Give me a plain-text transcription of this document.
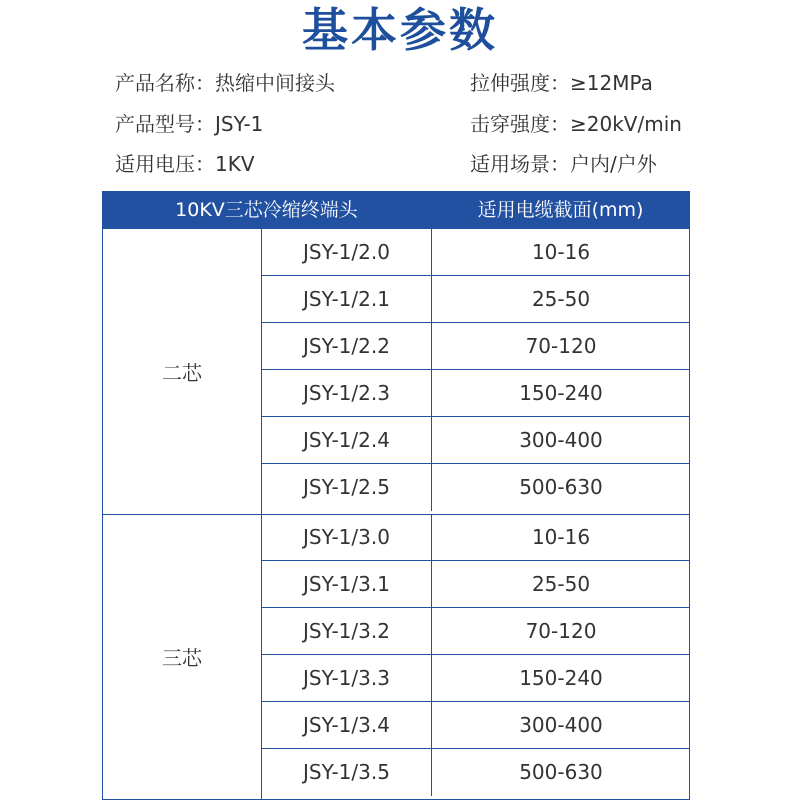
基本参数
产品名称：热缩中间接头
产品型号：JSY-1
适用电压：1KV
拉伸强度：≥12MPa
击穿强度：≥20kV/min
适用场景：户内/户外
10KV三芯冷缩终端头	适用电缆截面(mm)
二芯
JSY-1/2.0	10-16
JSY-1/2.1	25-50
JSY-1/2.2	70-120
JSY-1/2.3	150-240
JSY-1/2.4	300-400
JSY-1/2.5	500-630
三芯
JSY-1/3.0	10-16
JSY-1/3.1	25-50
JSY-1/3.2	70-120
JSY-1/3.3	150-240
JSY-1/3.4	300-400
JSY-1/3.5	500-630
